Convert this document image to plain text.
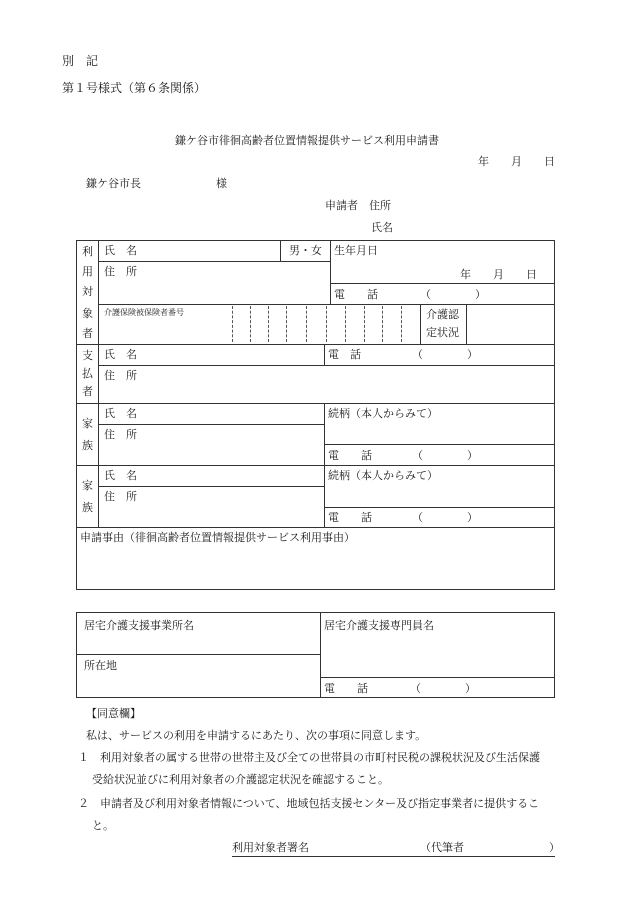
別　記
第１号様式（第６条関係）
鎌ケ谷市徘徊高齢者位置情報提供サービス利用申請書
年　　月　　日
鎌ケ谷市長	様
申請者　住所
氏名
利
用
対
象
者
氏　名	男・女 生年月日
年　　月　　日
住　所
電　　話	（　　　　）
介護保険被保険者番号	介護認
定状況
支
払
者
氏　名	電　話	（　　　　）
住　所
家
族
氏　名	続柄（本人からみて）
住　所
電　　話	（　　　　）
家
族
氏　名	続柄（本人からみて）
住　所
電　　話	（　　　　）
申請事由（徘徊高齢者位置情報提供サービス利用事由）
居宅介護支援事業所名	居宅介護支援専門員名
所在地
電　　話	（　　　　）
【同意欄】
私は、サービスの利用を申請するにあたり、次の事項に同意します。
１　利用対象者の属する世帯の世帯主及び全ての世帯員の市町村民税の課税状況及び生活保護
受給状況並びに利用対象者の介護認定状況を確認すること。
２　申請者及び利用対象者情報について、地域包括支援センター及び指定事業者に提供するこ
と。
利用対象者署名	（代筆者	）
